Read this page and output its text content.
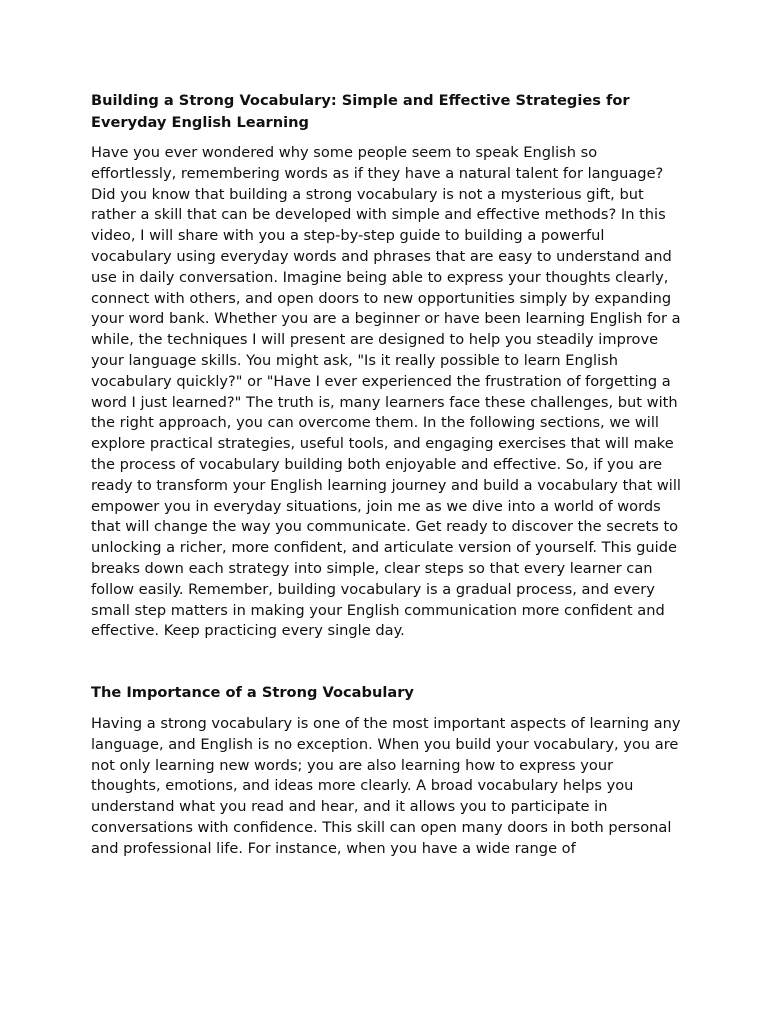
Building a Strong Vocabulary: Simple and Effective Strategies for Everyday English Learning

Have you ever wondered why some people seem to speak English so effortlessly, remembering words as if they have a natural talent for language? Did you know that building a strong vocabulary is not a mysterious gift, but rather a skill that can be developed with simple and effective methods? In this video, I will share with you a step-by-step guide to building a powerful vocabulary using everyday words and phrases that are easy to understand and use in daily conversation. Imagine being able to express your thoughts clearly, connect with others, and open doors to new opportunities simply by expanding your word bank. Whether you are a beginner or have been learning English for a while, the techniques I will present are designed to help you steadily improve your language skills. You might ask, "Is it really possible to learn English vocabulary quickly?" or "Have I ever experienced the frustration of forgetting a word I just learned?" The truth is, many learners face these challenges, but with the right approach, you can overcome them. In the following sections, we will explore practical strategies, useful tools, and engaging exercises that will make the process of vocabulary building both enjoyable and effective. So, if you are ready to transform your English learning journey and build a vocabulary that will empower you in everyday situations, join me as we dive into a world of words that will change the way you communicate. Get ready to discover the secrets to unlocking a richer, more confident, and articulate version of yourself. This guide breaks down each strategy into simple, clear steps so that every learner can follow easily. Remember, building vocabulary is a gradual process, and every small step matters in making your English communication more confident and effective. Keep practicing every single day.

The Importance of a Strong Vocabulary

Having a strong vocabulary is one of the most important aspects of learning any language, and English is no exception. When you build your vocabulary, you are not only learning new words; you are also learning how to express your thoughts, emotions, and ideas more clearly. A broad vocabulary helps you understand what you read and hear, and it allows you to participate in conversations with confidence. This skill can open many doors in both personal and professional life. For instance, when you have a wide range of
